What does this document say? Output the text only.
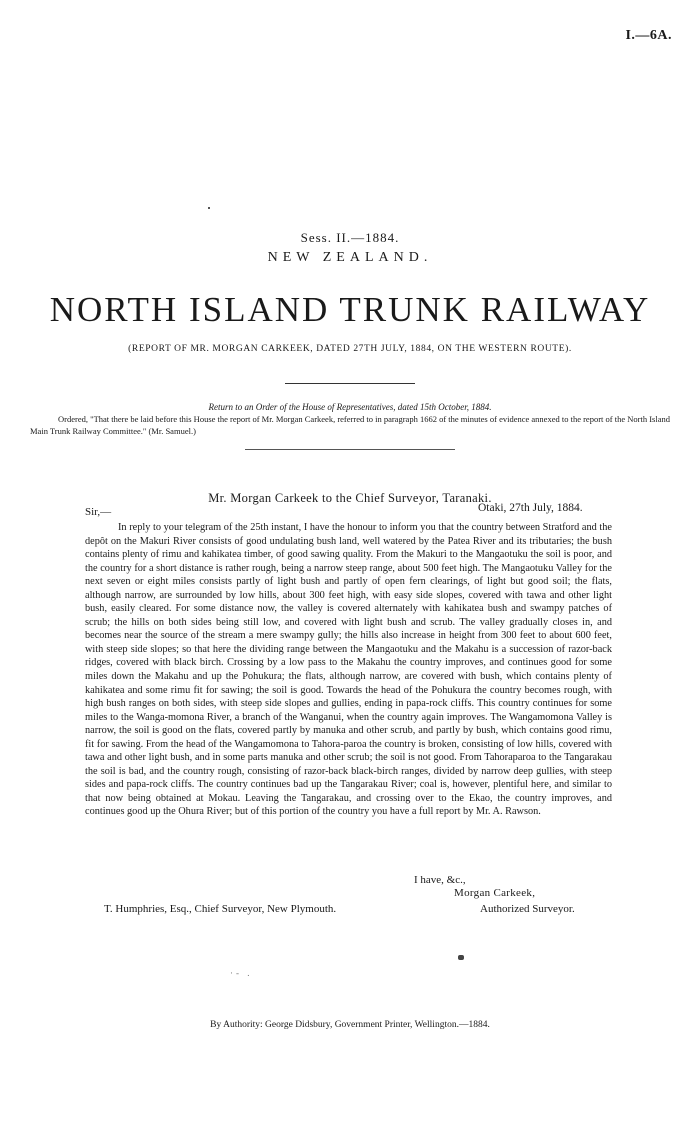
I.—6A.
Sess. II.—1884.
NEW ZEALAND.
NORTH ISLAND TRUNK RAILWAY
(REPORT OF MR. MORGAN CARKEEK, DATED 27TH JULY, 1884, ON THE WESTERN ROUTE).
Return to an Order of the House of Representatives, dated 15th October, 1884.
Ordered, "That there be laid before this House the report of Mr. Morgan Carkeek, referred to in paragraph 1662 of the minutes of evidence annexed to the report of the North Island Main Trunk Railway Committee." (Mr. Samuel.)
Mr. Morgan Carkeek to the Chief Surveyor, Taranaki.
Otaki, 27th July, 1884.
Sir,—

In reply to your telegram of the 25th instant, I have the honour to inform you that the country between Stratford and the depôt on the Makuri River consists of good undulating bush land, well watered by the Patea River and its tributaries; the bush contains plenty of rimu and kahikatea timber, of good sawing quality. From the Makuri to the Mangaotuku the soil is poor, and the country for a short distance is rather rough, being a narrow steep range, about 500 feet high. The Mangaotuku Valley for the next seven or eight miles consists partly of light bush and partly of open fern clearings, of light but good soil; the flats, although narrow, are surrounded by low hills, about 300 feet high, with easy side slopes, covered with tawa and other light bush, easily cleared. For some distance now, the valley is covered alternately with kahikatea bush and swampy patches of scrub; the hills on both sides being still low, and covered with light bush and scrub. The valley gradually closes in, and becomes near the source of the stream a mere swampy gully; the hills also increase in height from 300 feet to about 600 feet, with steep side slopes; so that here the dividing range between the Mangaotuku and the Makahu is a succession of razor-back ridges, covered with black birch. Crossing by a low pass to the Makahu the country improves, and continues good for some miles down the Makahu and up the Pohukura; the flats, although narrow, are covered with bush, which contains plenty of kahikatea and some rimu fit for sawing; the soil is good. Towards the head of the Pohukura the country becomes rough, with high bush ranges on both sides, with steep side slopes and gullies, ending in papa-rock cliffs. This country continues for some miles to the Wanga-momona River, a branch of the Wanganui, when the country again improves. The Wangamomona Valley is narrow, the soil is good on the flats, covered partly by manuka and other scrub, and partly by bush, which contains good rimu, fit for sawing. From the head of the Wangamomona to Tahora-paroa the country is broken, consisting of low hills, covered with tawa and other light bush, and in some parts manuka and other scrub; the soil is not good. From Tahoraparoa to the Tangarakau the soil is bad, and the country rough, consisting of razor-back black-birch ranges, divided by narrow deep gullies, with steep sides and papa-rock cliffs. The country continues bad up the Tangarakau River; coal is, however, plentiful here, and similar to that now being obtained at Mokau. Leaving the Tangarakau, and crossing over to the Ekao, the country improves, and continues good up the Ohura River; but of this portion of the country you have a full report by Mr. A. Rawson.

I have, &c.,
Morgan Carkeek,
T. Humphries, Esq., Chief Surveyor, New Plymouth.	Authorized Surveyor.
·‐ .
By Authority: George Didsbury, Government Printer, Wellington.—1884.
